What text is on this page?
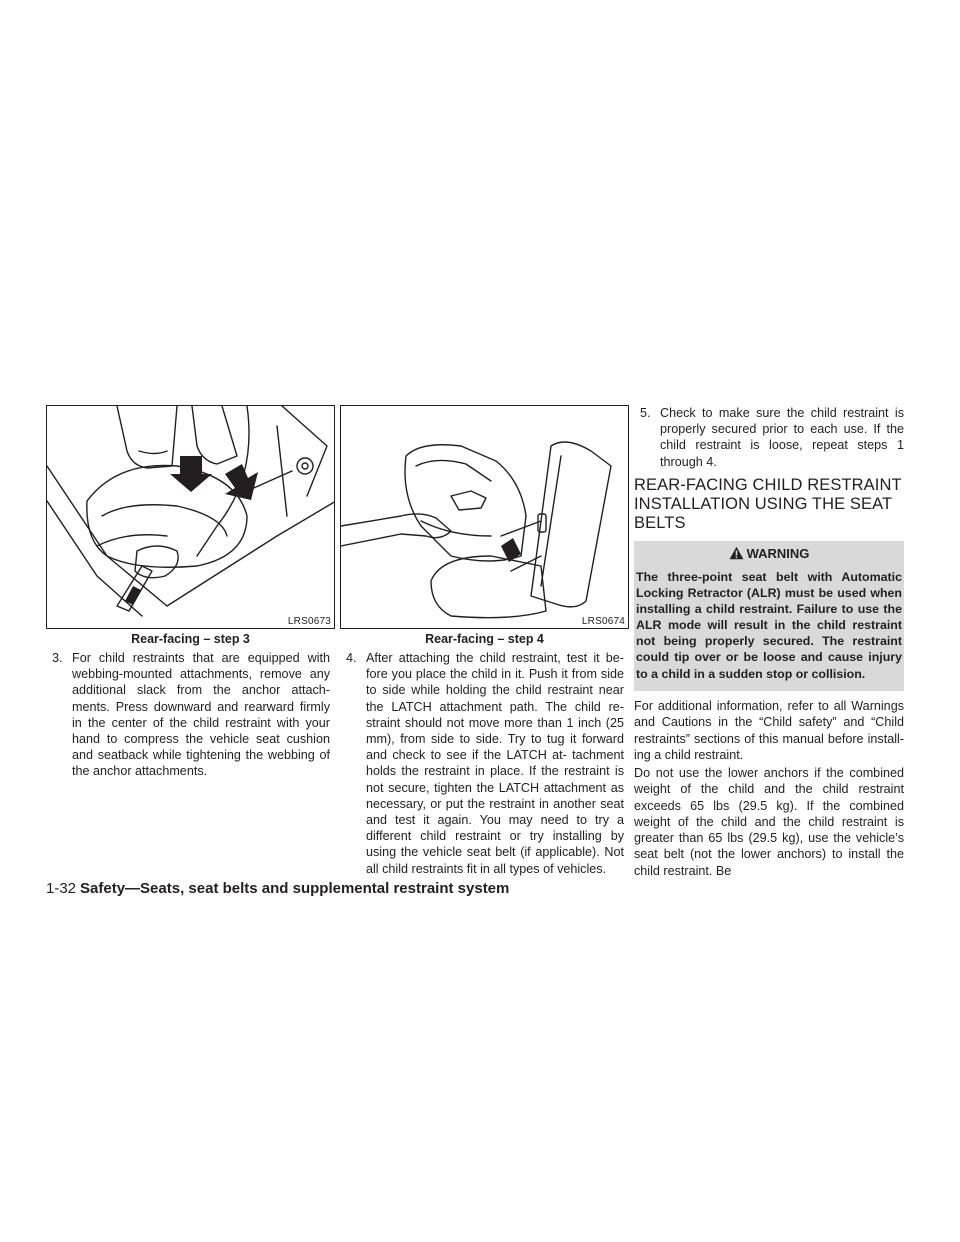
LRS0673
Rear-facing – step 3
LRS0674
Rear-facing – step 4
3. For child restraints that are equipped with webbing-mounted attachments, remove any additional slack from the anchor attach- ments. Press downward and rearward firmly in the center of the child restraint with your hand to compress the vehicle seat cushion and seatback while tightening the webbing of the anchor attachments.
4. After attaching the child restraint, test it be- fore you place the child in it. Push it from side to side while holding the child restraint near the LATCH attachment path. The child re- straint should not move more than 1 inch (25 mm), from side to side. Try to tug it forward and check to see if the LATCH at- tachment holds the restraint in place. If the restraint is not secure, tighten the LATCH attachment as necessary, or put the restraint in another seat and test it again. You may need to try a different child restraint or try installing by using the vehicle seat belt (if applicable). Not all child restraints fit in all types of vehicles.
5. Check to make sure the child restraint is properly secured prior to each use. If the child restraint is loose, repeat steps 1 through 4.
REAR-FACING CHILD RESTRAINT INSTALLATION USING THE SEAT BELTS
WARNING
The three-point seat belt with Automatic Locking Retractor (ALR) must be used when installing a child restraint. Failure to use the ALR mode will result in the child restraint not being properly secured. The restraint could tip over or be loose and cause injury to a child in a sudden stop or collision.
For additional information, refer to all Warnings and Cautions in the “Child safety” and “Child restraints” sections of this manual before install- ing a child restraint.
Do not use the lower anchors if the combined weight of the child and the child restraint exceeds 65 lbs (29.5 kg). If the combined weight of the child and the child restraint is greater than 65 lbs (29.5 kg), use the vehicle’s seat belt (not the lower anchors) to install the child restraint. Be
1-32 Safety—Seats, seat belts and supplemental restraint system
